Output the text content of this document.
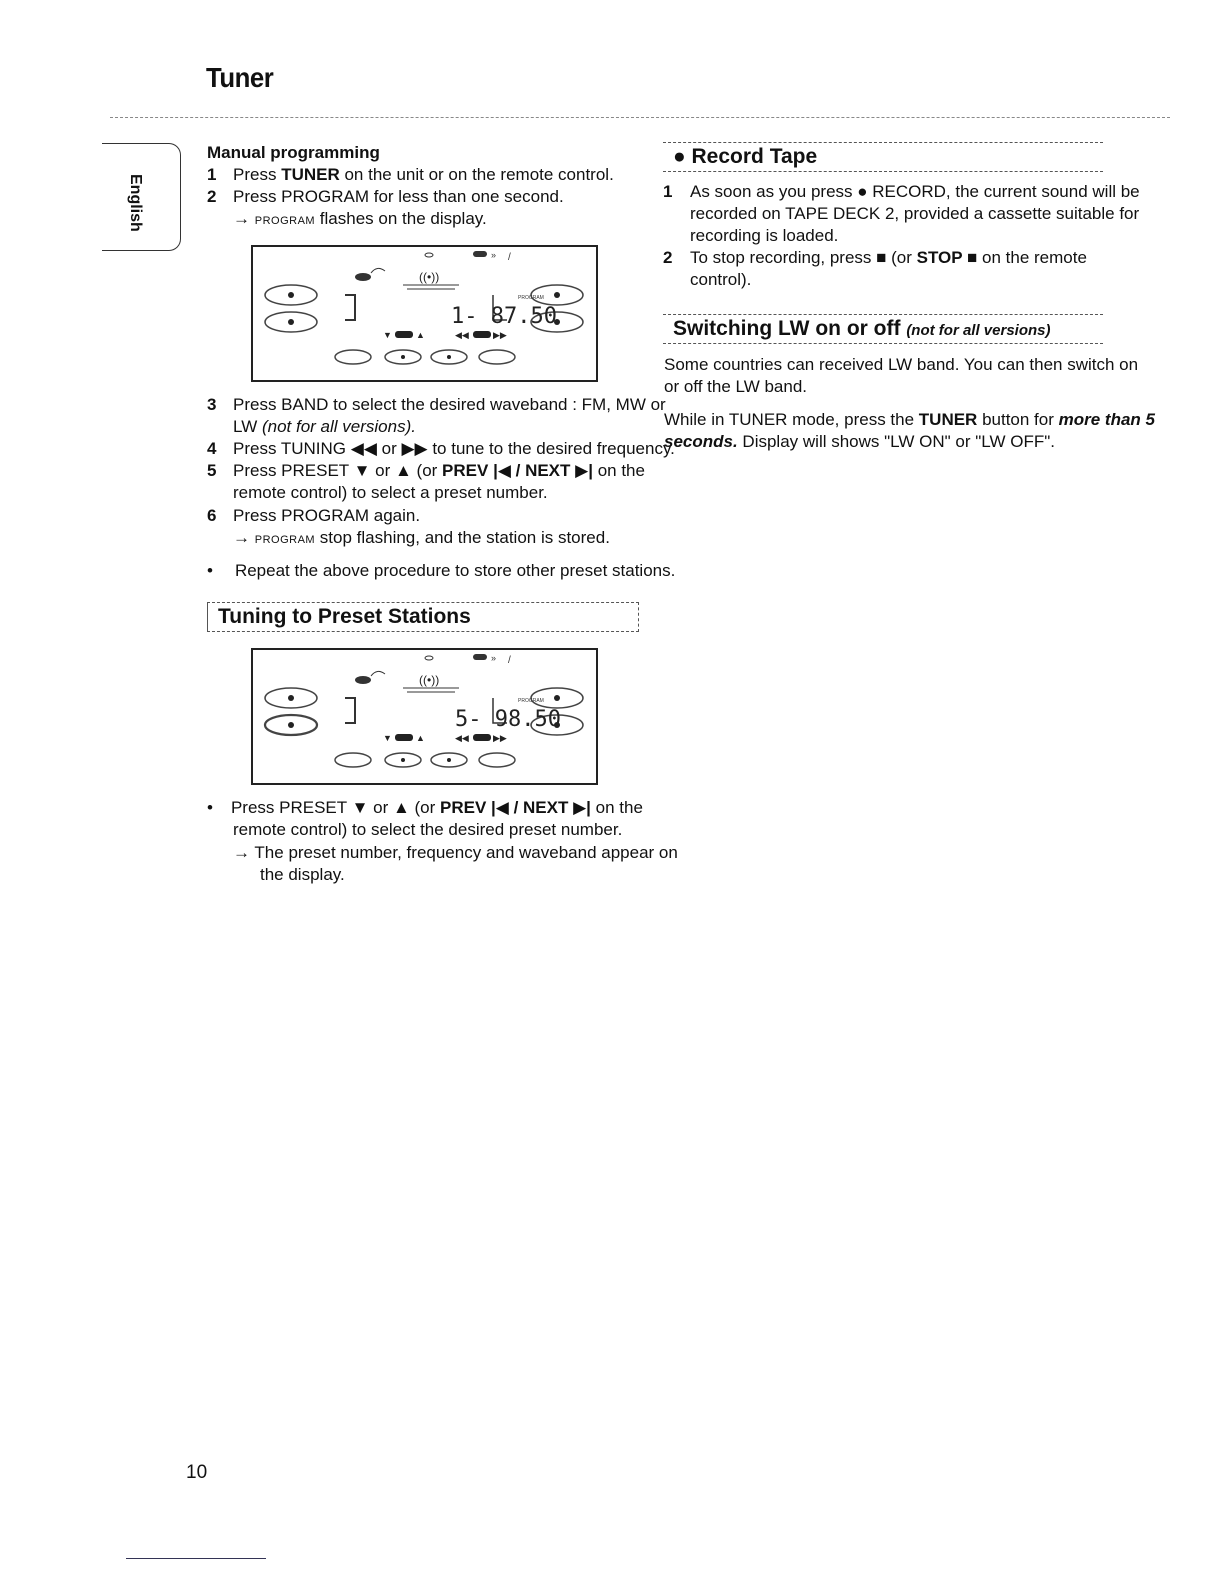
Tuner
English
Manual programming
1 Press TUNER on the unit or on the remote control.
2 Press PROGRAM for less than one second.
→ PROGRAM flashes on the display.
» /
((•))
PROGRAM
1- 87.50
▼	▲	◀◀	▶▶
3 Press BAND to select the desired waveband : FM, MW or
LW (not for all versions).
4 Press TUNING ◀◀ or ▶▶ to tune to the desired frequency.
5 Press PRESET ▼ or ▲ (or PREV |◀ / NEXT ▶| on the
remote control) to select a preset number.
6 Press PROGRAM again.
→ PROGRAM stop flashing, and the station is stored.
• Repeat the above procedure to store other preset stations.
Tuning to Preset Stations
» /
((•))
PROGRAM
5- 98.50
▼	▲	◀◀	▶▶
• Press PRESET ▼ or ▲ (or PREV |◀ / NEXT ▶| on the
remote control) to select the desired preset number.
→ The preset number, frequency and waveband appear on
the display.
● Record Tape
1 As soon as you press ● RECORD, the current sound will be
recorded on TAPE DECK 2, provided a cassette suitable for
recording is loaded.
2 To stop recording, press ■ (or STOP ■ on the remote
control).
Switching LW on or off (not for all versions)
Some countries can received LW band. You can then switch on
or off the LW band.
While in TUNER mode, press the TUNER button for more than 5
seconds. Display will shows "LW ON" or "LW OFF".
10
